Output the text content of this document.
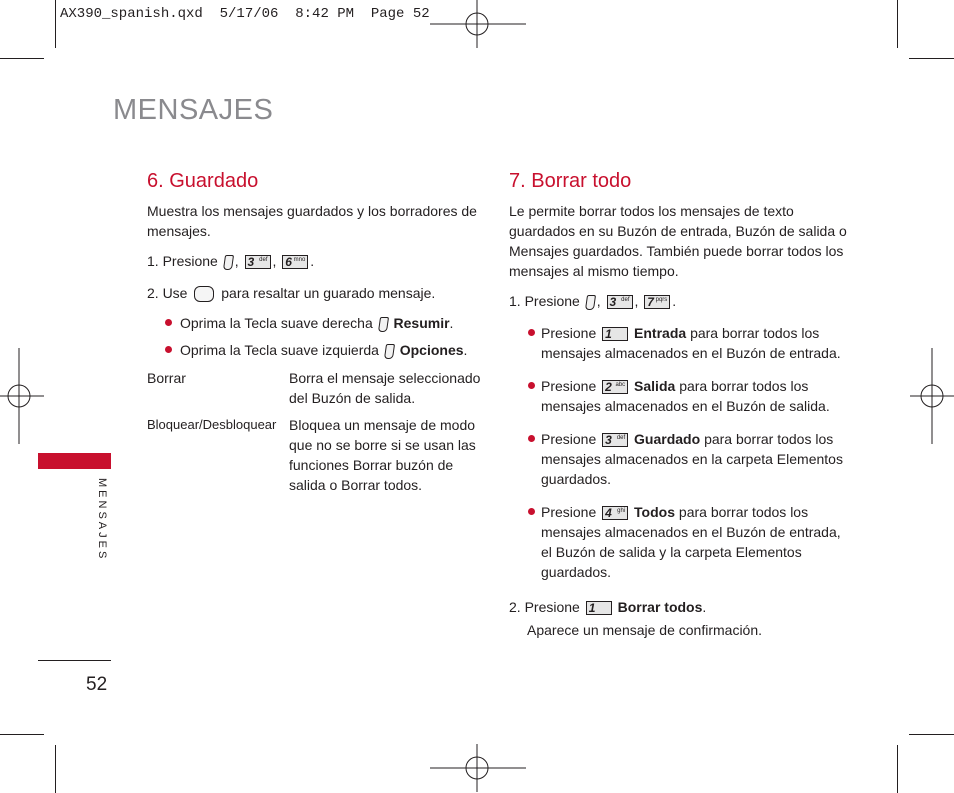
AX390_spanish.qxd  5/17/06  8:42 PM  Page 52
MENSAJES
MENSAJES
52
6. Guardado
Muestra los mensajes guardados y los borradores de
mensajes.
1. Presione , 3 def , 6 mno .
2. Use para resaltar un guarado mensaje.
Oprima la Tecla suave derecha Resumir.
Oprima la Tecla suave izquierda Opciones.
Borrar	Borra el mensaje seleccionado
del Buzón de salida.
Bloquear/Desbloquear Bloquea un mensaje de modo
que no se borre si se usan las
funciones Borrar buzón de
salida o Borrar todos.
7. Borrar todo
Le permite borrar todos los mensajes de texto
guardados en su Buzón de entrada, Buzón de salida o
Mensajes guardados. También puede borrar todos los
mensajes al mismo tiempo.
1. Presione , 3 def , 7 pqrs .
Presione 1 Entrada para borrar todos los
mensajes almacenados en el Buzón de entrada.
Presione 2 abc Salida para borrar todos los
mensajes almacenados en el Buzón de salida.
Presione 3 def Guardado para borrar todos los
mensajes almacenados en la carpeta Elementos
guardados.
Presione 4 ghi Todos para borrar todos los
mensajes almacenados en el Buzón de entrada,
el Buzón de salida y la carpeta Elementos
guardados.
2. Presione 1 Borrar todos.
Aparece un mensaje de confirmación.
